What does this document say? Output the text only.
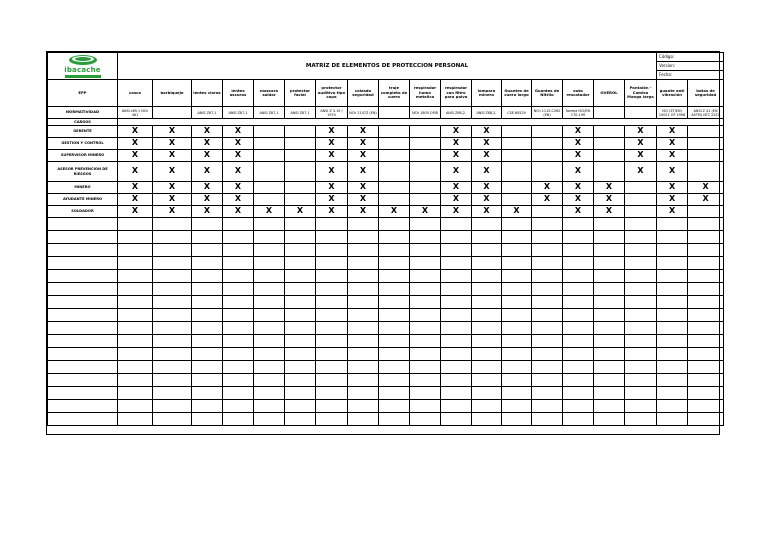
ibacache	MATRIZ DE ELEMENTOS DE PROTECCION PERSONAL																	Código:	
																		Version:	
																		Fecha:	
EPP	casco	barbiquejo	lentes claros	lentes oscuros	mascara soldar	protector facial	protector auditivo tipo copa	calzado seguridad	traje completo de cuero	respirador humo metalico	respirador con filtro para polvo	lampara minera	Guantes de cuero largo	Guantes de Nitrilo	auto rescatador	OVEROL	Pantalón - Camisa Manga larga	guante anti vibración	botas de seguridad
NORMATIVIDAD	ANSI z89.1 NCh 461		ANSI Z87,1	ANSI Z87,1	ANSI Z87,1	ANSI Z87,1	ANSI Z 3.19 / 1974	NCh 2147Z (EN)		NCh 1805 OFIB	ANSI Z88,2,	ANSI Z88,2,	CSE 60529	NCh 1115-C262 (EN)	Norma ISO/EN 170-199			ISO (ET/EN) 10021 OF 1996	ANSI Z 41 (EN ASTM) NTC 2257
CARGOS																			
GERENTE	X	X	X	X			X	X			X	X			X		X	X	
GESTION Y CONTROL	X	X	X	X			X	X			X	X			X		X	X	
SUPERVISOR MINERO	X	X	X	X			X	X			X	X			X		X	X	
ASESOR PREVENCION DE RIESGOS	X	X	X	X			X	X			X	X			X		X	X	
MINERO	X	X	X	X			X	X			X	X		X	X	X		X	X
AYUDANTE MINERO	X	X	X	X			X	X			X	X		X	X	X		X	X
SOLDADOR	X	X	X	X	X	X	X	X	X	X	X	X	X		X	X		X	
